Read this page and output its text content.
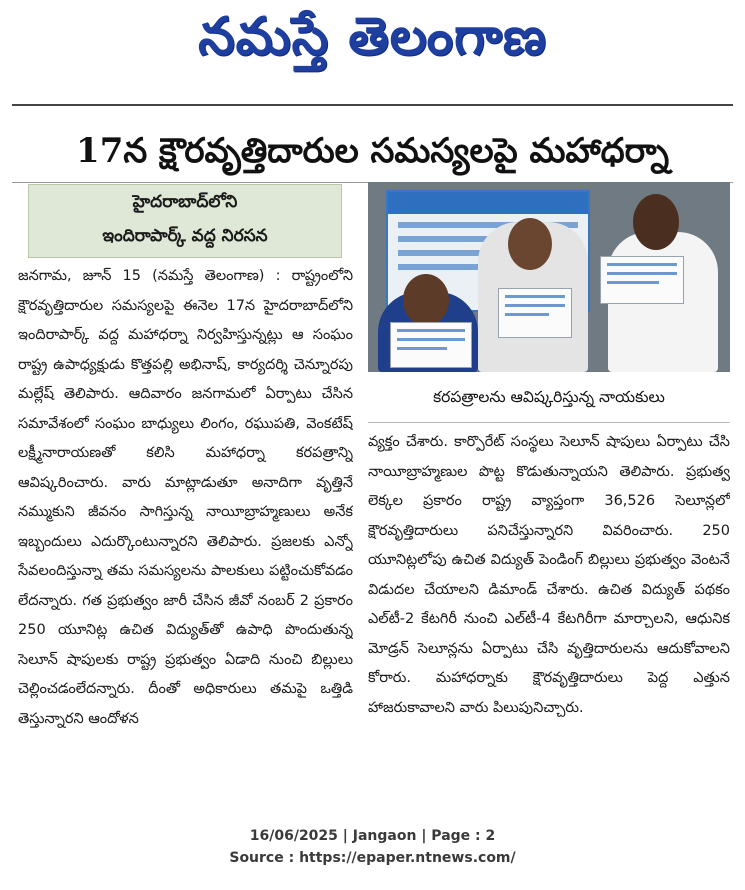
నమస్తే తెలంగాణ
17న క్షౌరవృత్తిదారుల సమస్యలపై మహాధర్నా
హైదరాబాద్‌లోని
ఇందిరాపార్క్ వద్ద నిరసన

జనగామ, జూన్ 15 (నమస్తే తెలంగాణ) : రాష్ట్రంలోని క్షౌరవృత్తిదారుల సమస్యలపై ఈనెల 17న హైదరాబాద్‌లోని ఇందిరాపార్క్ వద్ద మహాధర్నా నిర్వహిస్తున్నట్లు ఆ సంఘం రాష్ట్ర ఉపాధ్యక్షుడు కొత్తపల్లి అభినాష్, కార్యదర్శి చెన్నూరపు మల్లేష్ తెలిపారు. ఆదివారం జనగామలో ఏర్పాటు చేసిన సమావేశంలో సంఘం బాధ్యులు లింగం, రఘుపతి, వెంకటేష్ లక్ష్మీనారాయణతో కలిసి మహాధర్నా కరపత్రాన్ని ఆవిష్కరించారు. వారు మాట్లాడుతూ అనాదిగా వృత్తినే నమ్ముకుని జీవనం సాగిస్తున్న నాయీబ్రాహ్మణులు అనేక ఇబ్బందులు ఎదుర్కొంటున్నారని తెలిపారు. ప్రజలకు ఎన్నో సేవలందిస్తున్నా తమ సమస్యలను పాలకులు పట్టించుకోవడం లేదన్నారు. గత ప్రభుత్వం జారీ చేసిన జీవో నంబర్ 2 ప్రకారం 250 యూనిట్ల ఉచిత విద్యుత్‌తో ఉపాధి పొందుతున్న సెలూన్ షాపులకు రాష్ట్ర ప్రభుత్వం ఏడాది నుంచి బిల్లులు చెల్లించడంలేదన్నారు. దీంతో అధికారులు తమపై ఒత్తిడి తెస్తున్నారని ఆందోళన

కరపత్రాలను ఆవిష్కరిస్తున్న నాయకులు

వ్యక్తం చేశారు. కార్పొరేట్ సంస్థలు సెలూన్ షాపులు ఏర్పాటు చేసి నాయీబ్రాహ్మణుల పొట్ట కొడుతున్నాయని తెలిపారు. ప్రభుత్వ లెక్కల ప్రకారం రాష్ట్ర వ్యాప్తంగా 36,526 సెలూన్లలో క్షౌరవృత్తిదారులు పనిచేస్తున్నారని వివరించారు. 250 యూనిట్లలోపు ఉచిత విద్యుత్ పెండింగ్ బిల్లులు ప్రభుత్వం వెంటనే విడుదల చేయాలని డిమాండ్ చేశారు. ఉచిత విద్యుత్ పథకం ఎల్‌టీ-2 కేటగిరీ నుంచి ఎల్‌టీ-4 కేటగిరీగా మార్చాలని, ఆధునిక మోడ్రన్ సెలూన్లను ఏర్పాటు చేసి వృత్తిదారులను ఆదుకోవాలని కోరారు. మహాధర్నాకు క్షౌరవృత్తిదారులు పెద్ద ఎత్తున హాజరుకావాలని వారు పిలుపునిచ్చారు.

16/06/2025 | Jangaon | Page : 2
Source : https://epaper.ntnews.com/
